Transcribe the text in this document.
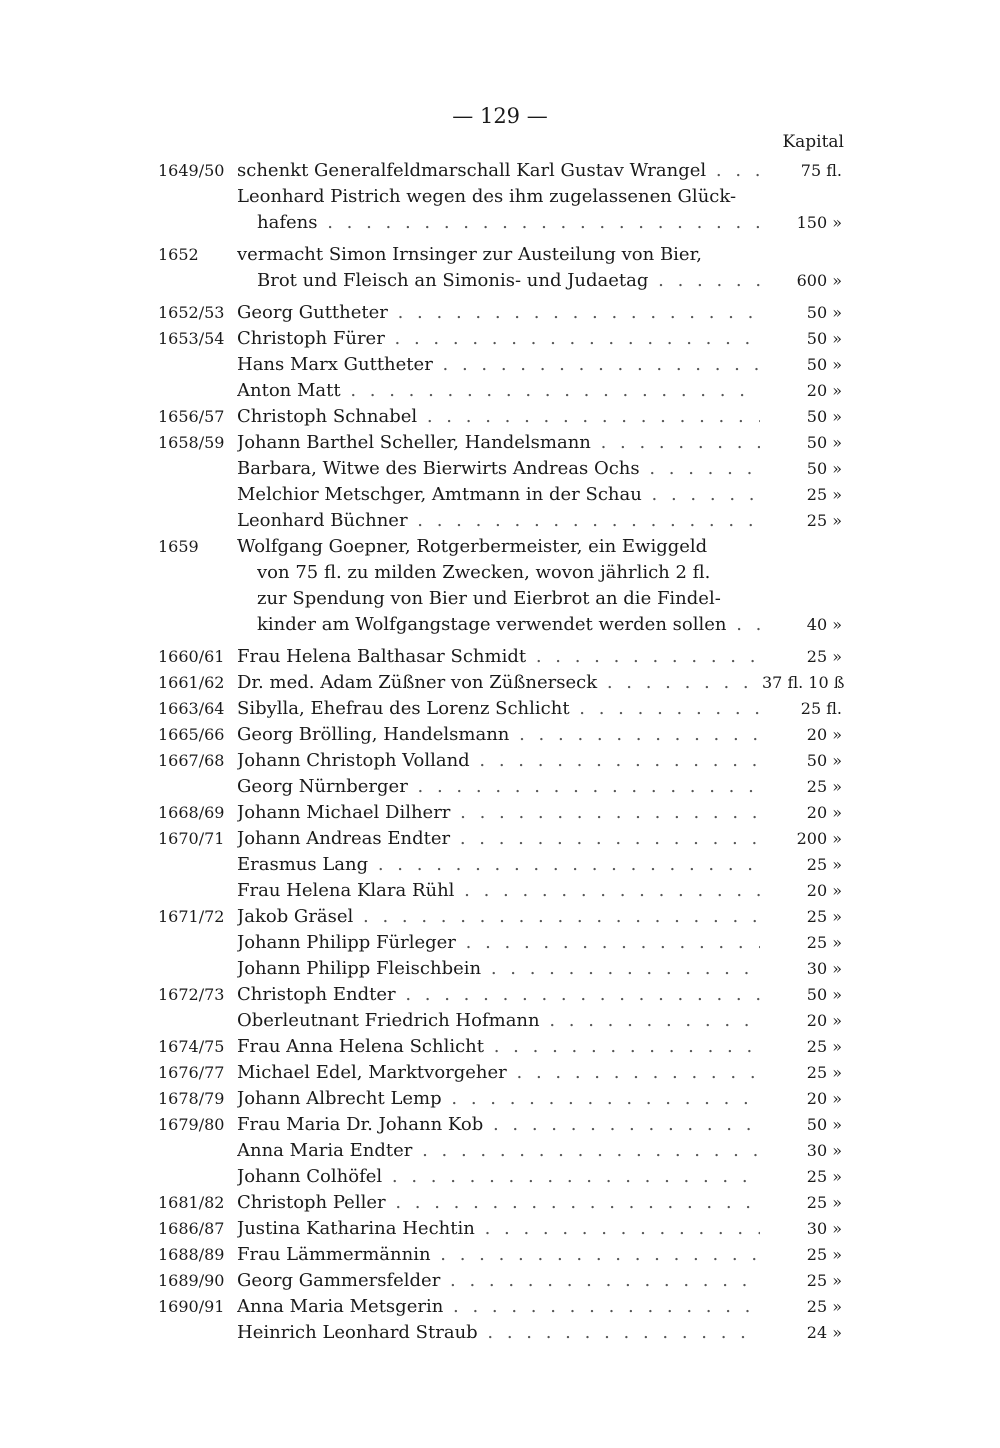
— 129 —
Kapital
1649/50 schenkt Generalfeldmarschall Karl Gustav Wrangel . . .	75 fl.
Leonhard Pistrich wegen des ihm zugelassenen Glück-
hafens . . .	150 »
1652	vermacht Simon Irnsinger zur Austeilung von Bier,
Brot und Fleisch an Simonis- und Judaetag . . .	600 »
1652/53 Georg Guttheter . . .	50 »
1653/54 Christoph Fürer . . .	50 »
Hans Marx Guttheter . . .	50 »
Anton Matt . . .	20 »
1656/57 Christoph Schnabel . . .	50 »
1658/59 Johann Barthel Scheller, Handelsmann . . .	50 »
Barbara, Witwe des Bierwirts Andreas Ochs . . .	50 »
Melchior Metschger, Amtmann in der Schau . . .	25 »
Leonhard Büchner . . .	25 »
1659	Wolfgang Goepner, Rotgerbermeister, ein Ewiggeld
von 75 fl. zu milden Zwecken, wovon jährlich 2 fl.
zur Spendung von Bier und Eierbrot an die Findel-
kinder am Wolfgangstage verwendet werden sollen . . .	40 »
1660/61 Frau Helena Balthasar Schmidt . . .	25 »
1661/62 Dr. med. Adam Züßner von Züßnerseck . . .	37 fl. 10 ß
1663/64 Sibylla, Ehefrau des Lorenz Schlicht . . .	25 fl.
1665/66 Georg Brölling, Handelsmann . . .	20 »
1667/68 Johann Christoph Volland . . .	50 »
Georg Nürnberger . . .	25 »
1668/69 Johann Michael Dilherr . . .	20 »
1670/71 Johann Andreas Endter . . .	200 »
Erasmus Lang . . .	25 »
Frau Helena Klara Rühl . . .	20 »
1671/72 Jakob Gräsel . . .	25 »
Johann Philipp Fürleger . . .	25 »
Johann Philipp Fleischbein . . .	30 »
1672/73 Christoph Endter . . .	50 »
Oberleutnant Friedrich Hofmann . . .	20 »
1674/75 Frau Anna Helena Schlicht . . .	25 »
1676/77 Michael Edel, Marktvorgeher . . .	25 »
1678/79 Johann Albrecht Lemp . . .	20 »
1679/80 Frau Maria Dr. Johann Kob . . .	50 »
Anna Maria Endter . . .	30 »
Johann Colhöfel . . .	25 »
1681/82 Christoph Peller . . .	25 »
1686/87 Justina Katharina Hechtin . . .	30 »
1688/89 Frau Lämmermännin . . .	25 »
1689/90 Georg Gammersfelder . . .	25 »
1690/91 Anna Maria Metsgerin . . .	25 »
Heinrich Leonhard Straub . . .	24 »
